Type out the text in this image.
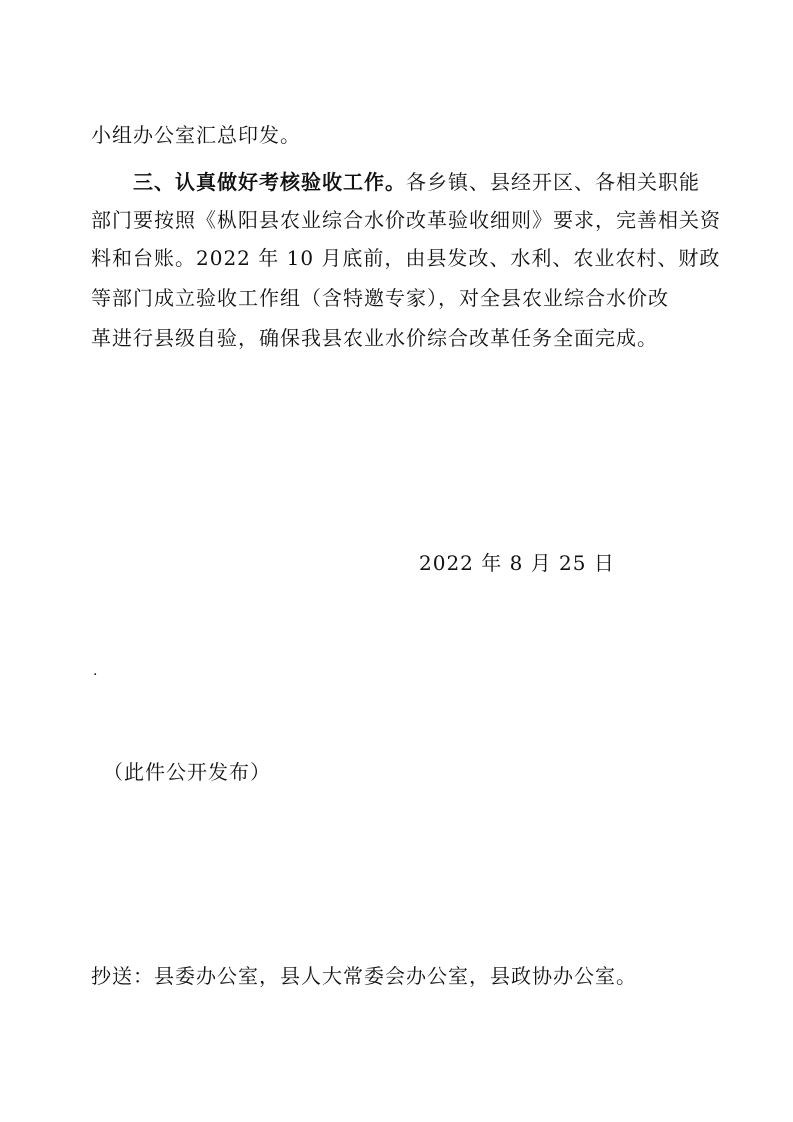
小组办公室汇总印发。
三、认真做好考核验收工作。各乡镇、县经开区、各相关职能
部门要按照《枞阳县农业综合水价改革验收细则》要求，完善相关资
料和台账。2022 年 10 月底前，由县发改、水利、农业农村、财政
等部门成立验收工作组（含特邀专家），对全县农业综合水价改
革进行县级自验，确保我县农业水价综合改革任务全面完成。
2022 年 8 月 25 日
.
（此件公开发布）
抄送：县委办公室，县人大常委会办公室，县政协办公室。
